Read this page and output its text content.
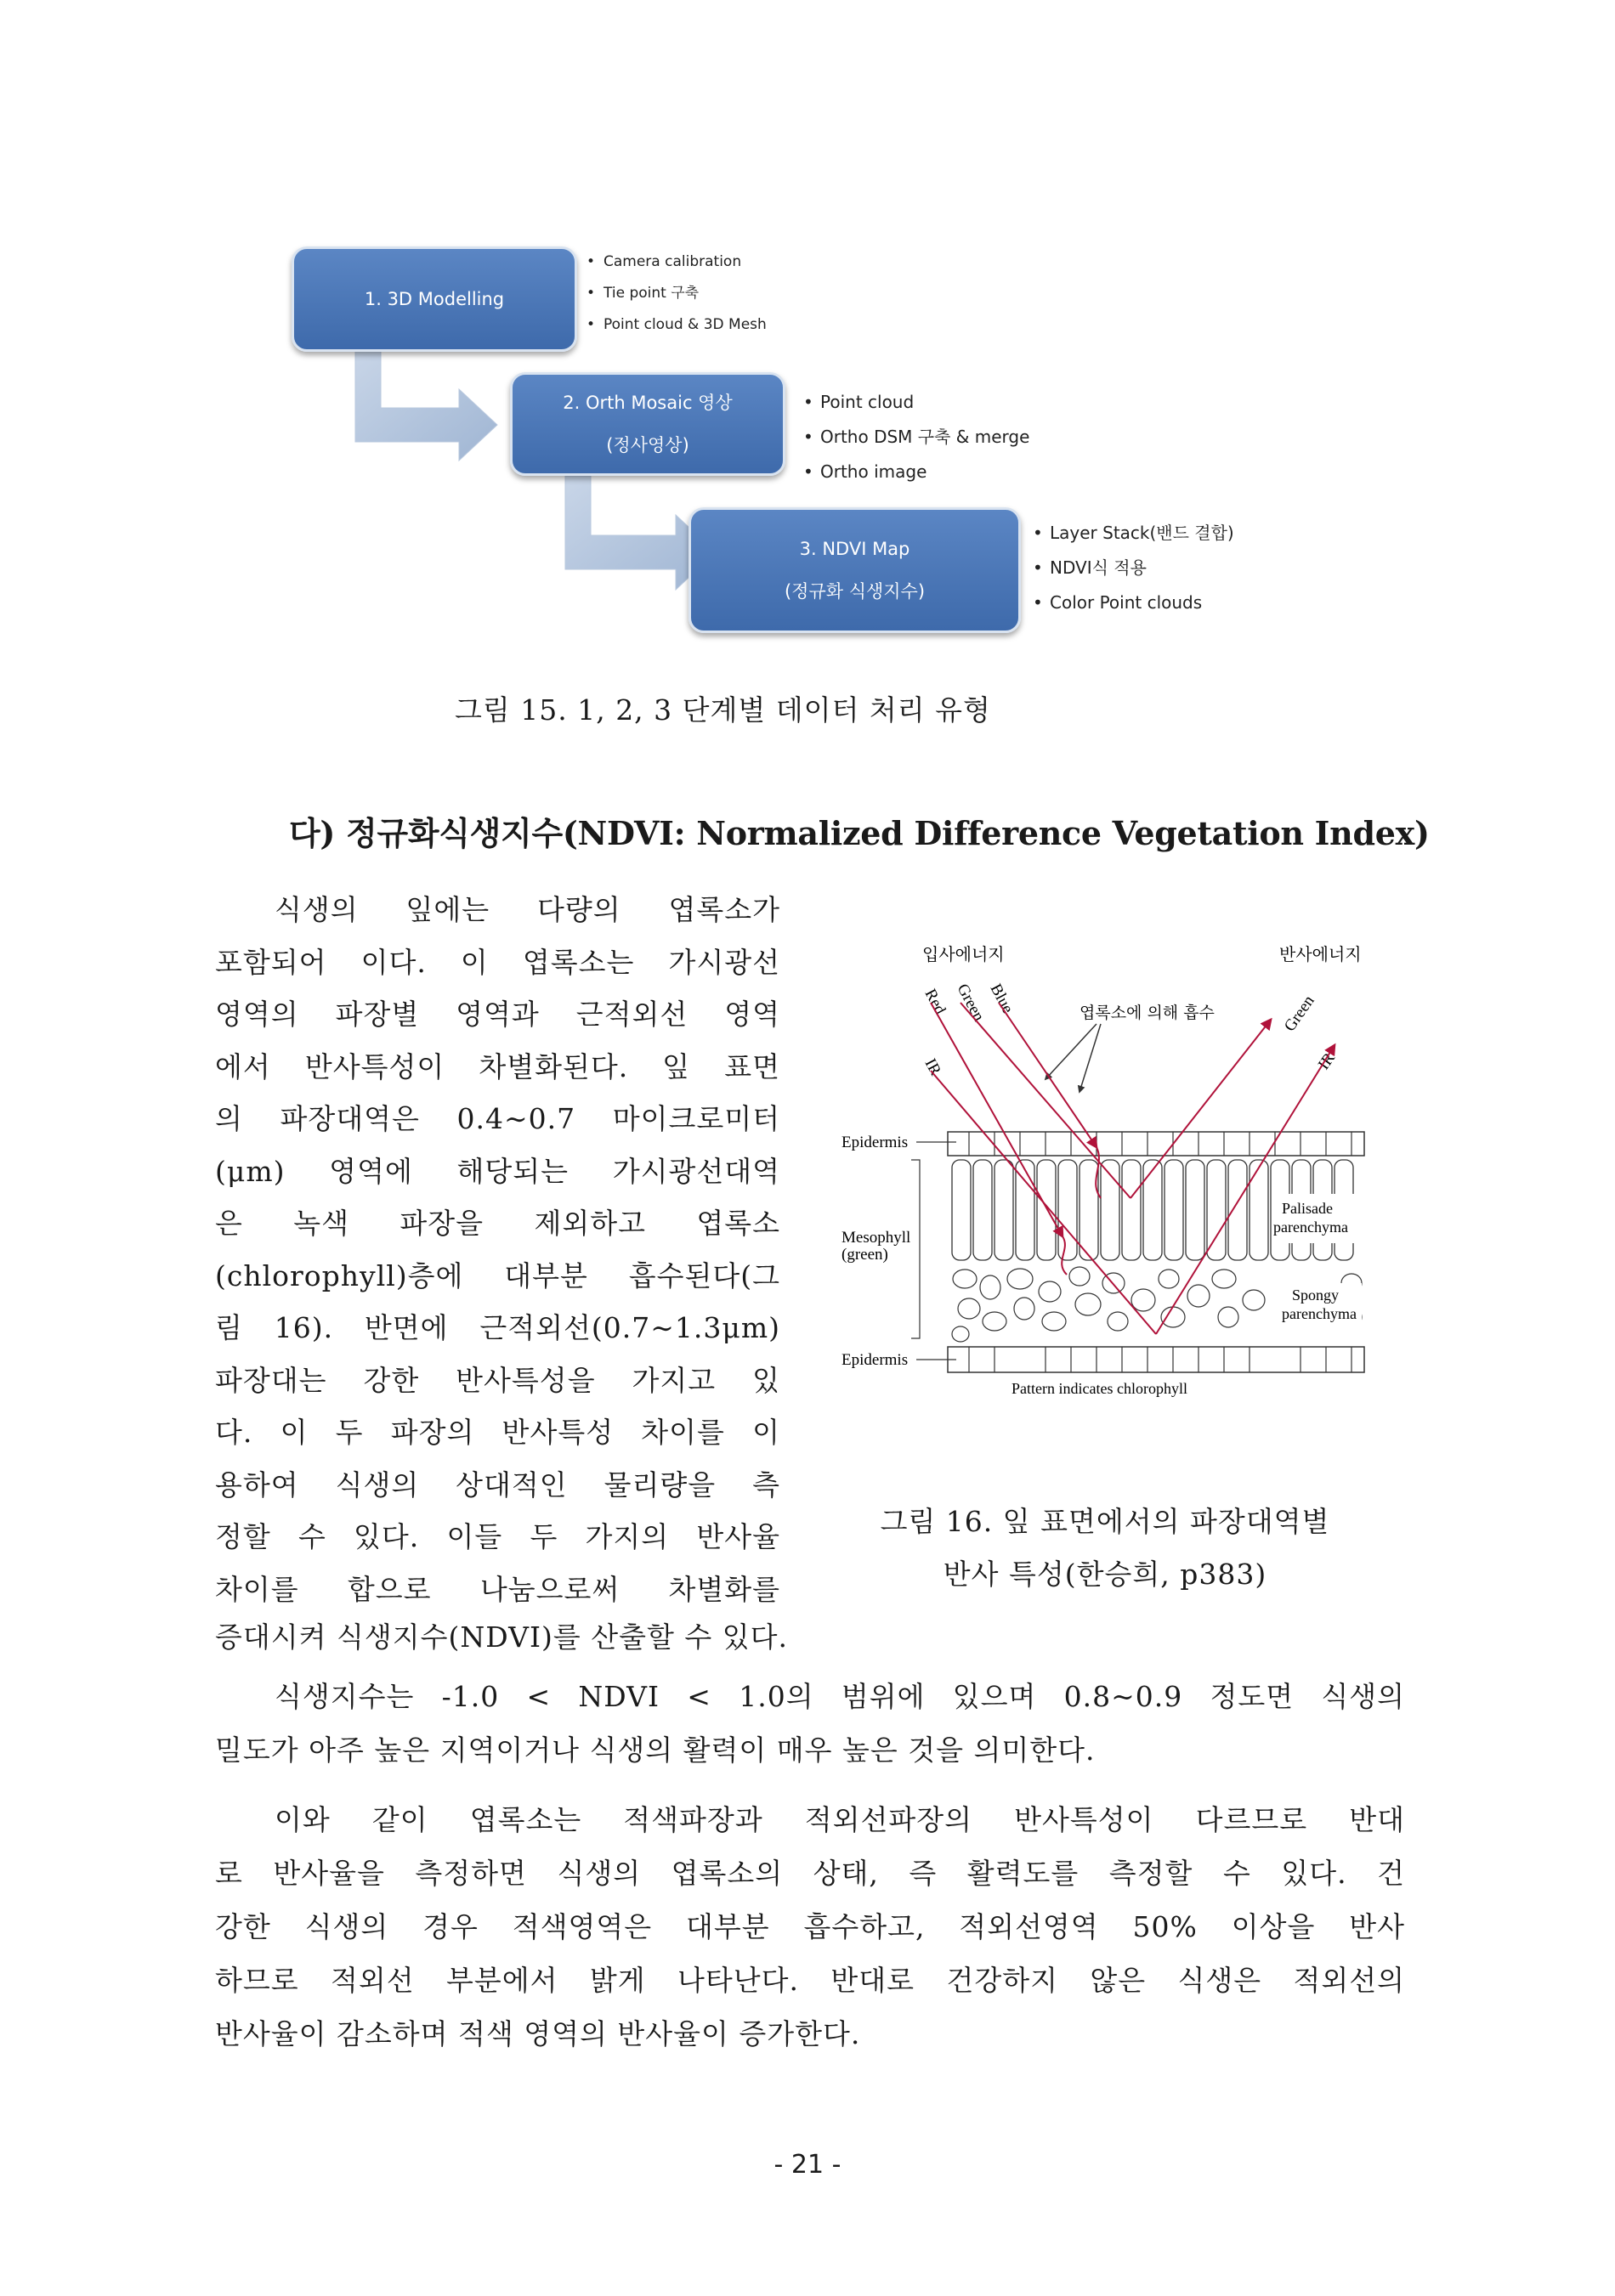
1. 3D Modelling
• Camera calibration
• Tie point 구축
• Point cloud & 3D Mesh
2. Orth Mosaic 영상
(정사영상)
• Point cloud
• Ortho DSM 구축 & merge
• Ortho image
3. NDVI Map
(정규화 식생지수)
• Layer Stack(밴드 결합)
• NDVI식 적용
• Color Point clouds
그림 15. 1, 2, 3 단계별 데이터 처리 유형
다) 정규화식생지수(NDVI: Normalized Difference Vegetation Index)
식생의 잎에는 다량의 엽록소가
포함되어 이다. 이 엽록소는 가시광선
영역의 파장별 영역과 근적외선 영역
에서 반사특성이 차별화된다. 잎 표면
의 파장대역은 0.4∼0.7 마이크로미터
(μm) 영역에 해당되는 가시광선대역
은 녹색 파장을 제외하고 엽록소
(chlorophyll)층에 대부분 흡수된다(그
림 16). 반면에 근적외선(0.7∼1.3μm)
파장대는 강한 반사특성을 가지고 있
다. 이 두 파장의 반사특성 차이를 이
용하여 식생의 상대적인 물리량을 측
정할 수 있다. 이들 두 가지의 반사율
차이를 합으로 나눔으로써 차별화를
증대시켜 식생지수(NDVI)를 산출할 수 있다.
입사에너지	반사에너지
엽록소에 의해 흡수
Red Green
Blue
IR
Green
IR
Epidermis
Palisade
parenchyma
Spongy
parenchyma
Mesophyll
(green)
Epidermis
Pattern indicates chlorophyll
그림 16. 잎 표면에서의 파장대역별
반사 특성(한승희, p383)
식생지수는 -1.0 < NDVI < 1.0의 범위에 있으며 0.8~0.9 정도면 식생의
밀도가 아주 높은 지역이거나 식생의 활력이 매우 높은 것을 의미한다.
이와 같이 엽록소는 적색파장과 적외선파장의 반사특성이 다르므로 반대
로 반사율을 측정하면 식생의 엽록소의 상태, 즉 활력도를 측정할 수 있다. 건
강한 식생의 경우 적색영역은 대부분 흡수하고, 적외선영역 50% 이상을 반사
하므로 적외선 부분에서 밝게 나타난다. 반대로 건강하지 않은 식생은 적외선의
반사율이 감소하며 적색 영역의 반사율이 증가한다.
- 21 -
